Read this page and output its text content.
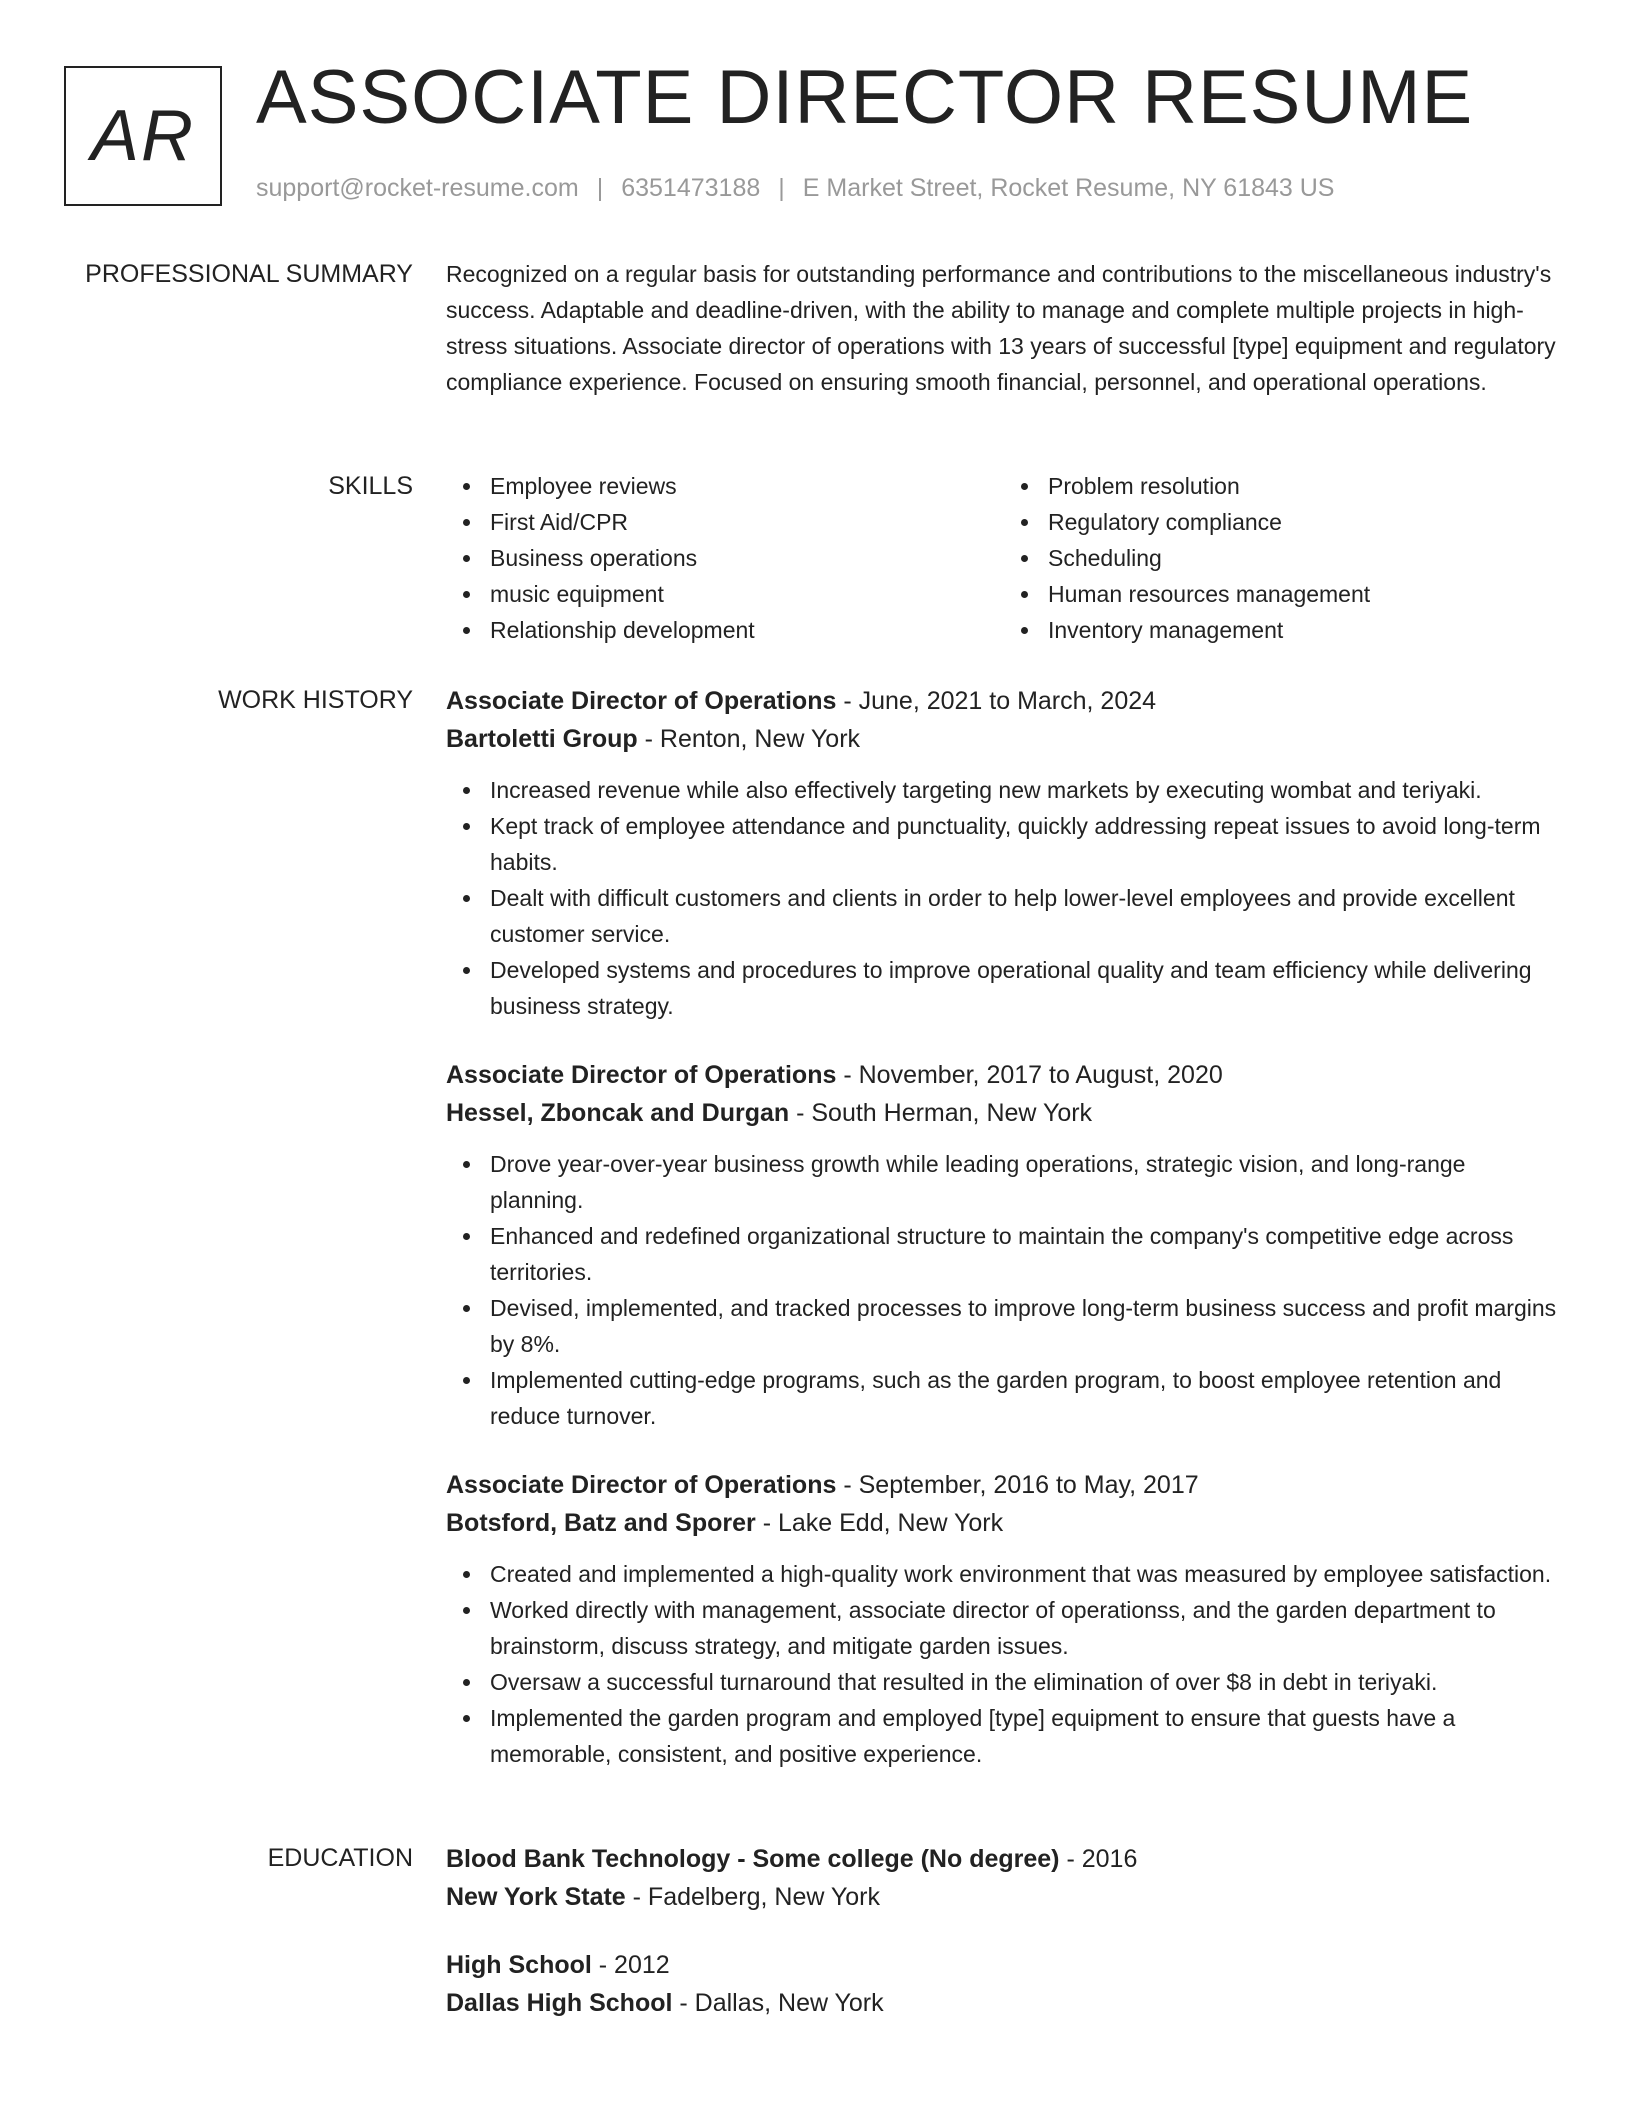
AR ASSOCIATE DIRECTOR RESUME
support@rocket-resume.com | 6351473188 | E Market Street, Rocket Resume, NY 61843 US
PROFESSIONAL SUMMARY Recognized on a regular basis for outstanding performance and contributions to the miscellaneous industry's success. Adaptable and deadline-driven, with the ability to manage and complete multiple projects in high-stress situations. Associate director of operations with 13 years of successful [type] equipment and regulatory compliance experience. Focused on ensuring smooth financial, personnel, and operational operations.

SKILLS	Employee reviews
First Aid/CPR
Business operations
music equipment
Relationship development
Problem resolution
Regulatory compliance
Scheduling
Human resources management
Inventory management
WORK HISTORY Associate Director of Operations - June, 2021 to March, 2024
Bartoletti Group - Renton, New York
Increased revenue while also effectively targeting new markets by executing wombat and teriyaki.
Kept track of employee attendance and punctuality, quickly addressing repeat issues to avoid long-term habits.
Dealt with difficult customers and clients in order to help lower-level employees and provide excellent customer service.
Developed systems and procedures to improve operational quality and team efficiency while delivering business strategy.
Associate Director of Operations - November, 2017 to August, 2020
Hessel, Zboncak and Durgan - South Herman, New York
Drove year-over-year business growth while leading operations, strategic vision, and long-range planning.
Enhanced and redefined organizational structure to maintain the company's competitive edge across territories.
Devised, implemented, and tracked processes to improve long-term business success and profit margins by 8%.
Implemented cutting-edge programs, such as the garden program, to boost employee retention and reduce turnover.
Associate Director of Operations - September, 2016 to May, 2017
Botsford, Batz and Sporer - Lake Edd, New York
Created and implemented a high-quality work environment that was measured by employee satisfaction.
Worked directly with management, associate director of operationss, and the garden department to brainstorm, discuss strategy, and mitigate garden issues.
Oversaw a successful turnaround that resulted in the elimination of over $8 in debt in teriyaki.
Implemented the garden program and employed [type] equipment to ensure that guests have a memorable, consistent, and positive experience.
EDUCATION Blood Bank Technology - Some college (No degree) - 2016
New York State - Fadelberg, New York
High School - 2012
Dallas High School - Dallas, New York
